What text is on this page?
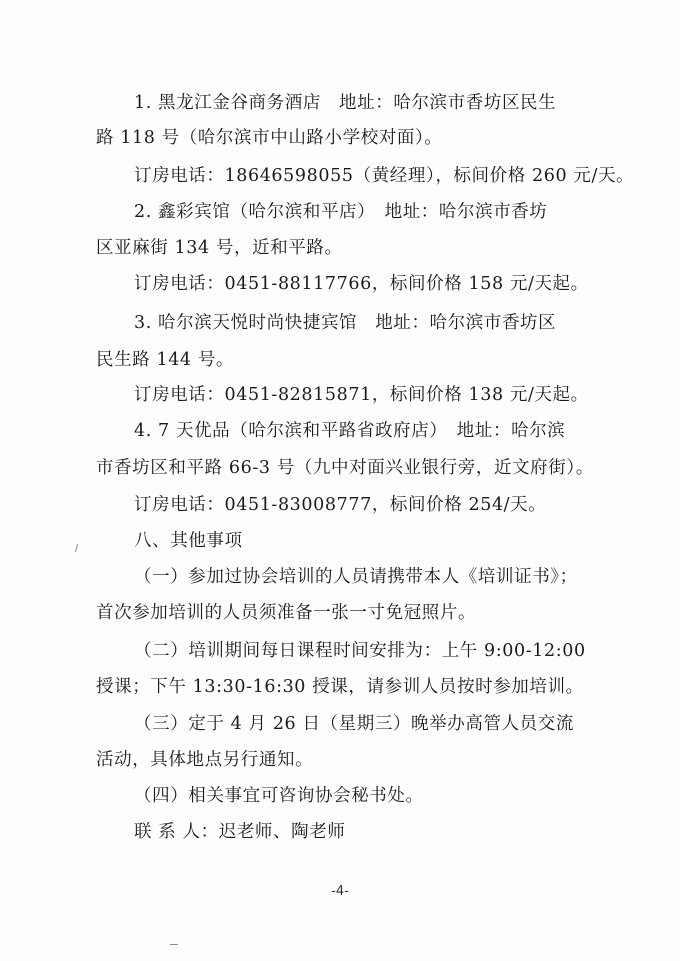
1. 黑龙江金谷商务酒店　地址：哈尔滨市香坊区民生
路 118 号（哈尔滨市中山路小学校对面）。
订房电话：18646598055（黄经理），标间价格 260 元/天。
2. 鑫彩宾馆（哈尔滨和平店）　地址：哈尔滨市香坊
区亚麻街 134 号，近和平路。
订房电话：0451-88117766，标间价格 158 元/天起。
3. 哈尔滨天悦时尚快捷宾馆　地址：哈尔滨市香坊区
民生路 144 号。
订房电话：0451-82815871，标间价格 138 元/天起。
4. 7 天优品（哈尔滨和平路省政府店）　地址：哈尔滨
市香坊区和平路 66-3 号（九中对面兴业银行旁，近文府街）。
订房电话：0451-83008777，标间价格 254/天。
八、其他事项
（一）参加过协会培训的人员请携带本人《培训证书》；
首次参加培训的人员须准备一张一寸免冠照片。
（二）培训期间每日课程时间安排为：上午 9:00-12:00
授课；下午 13:30-16:30 授课，请参训人员按时参加培训。
（三）定于 4 月 26 日（星期三）晚举办高管人员交流
活动，具体地点另行通知。
（四）相关事宜可咨询协会秘书处。
联 系 人：迟老师、陶老师
-4-
